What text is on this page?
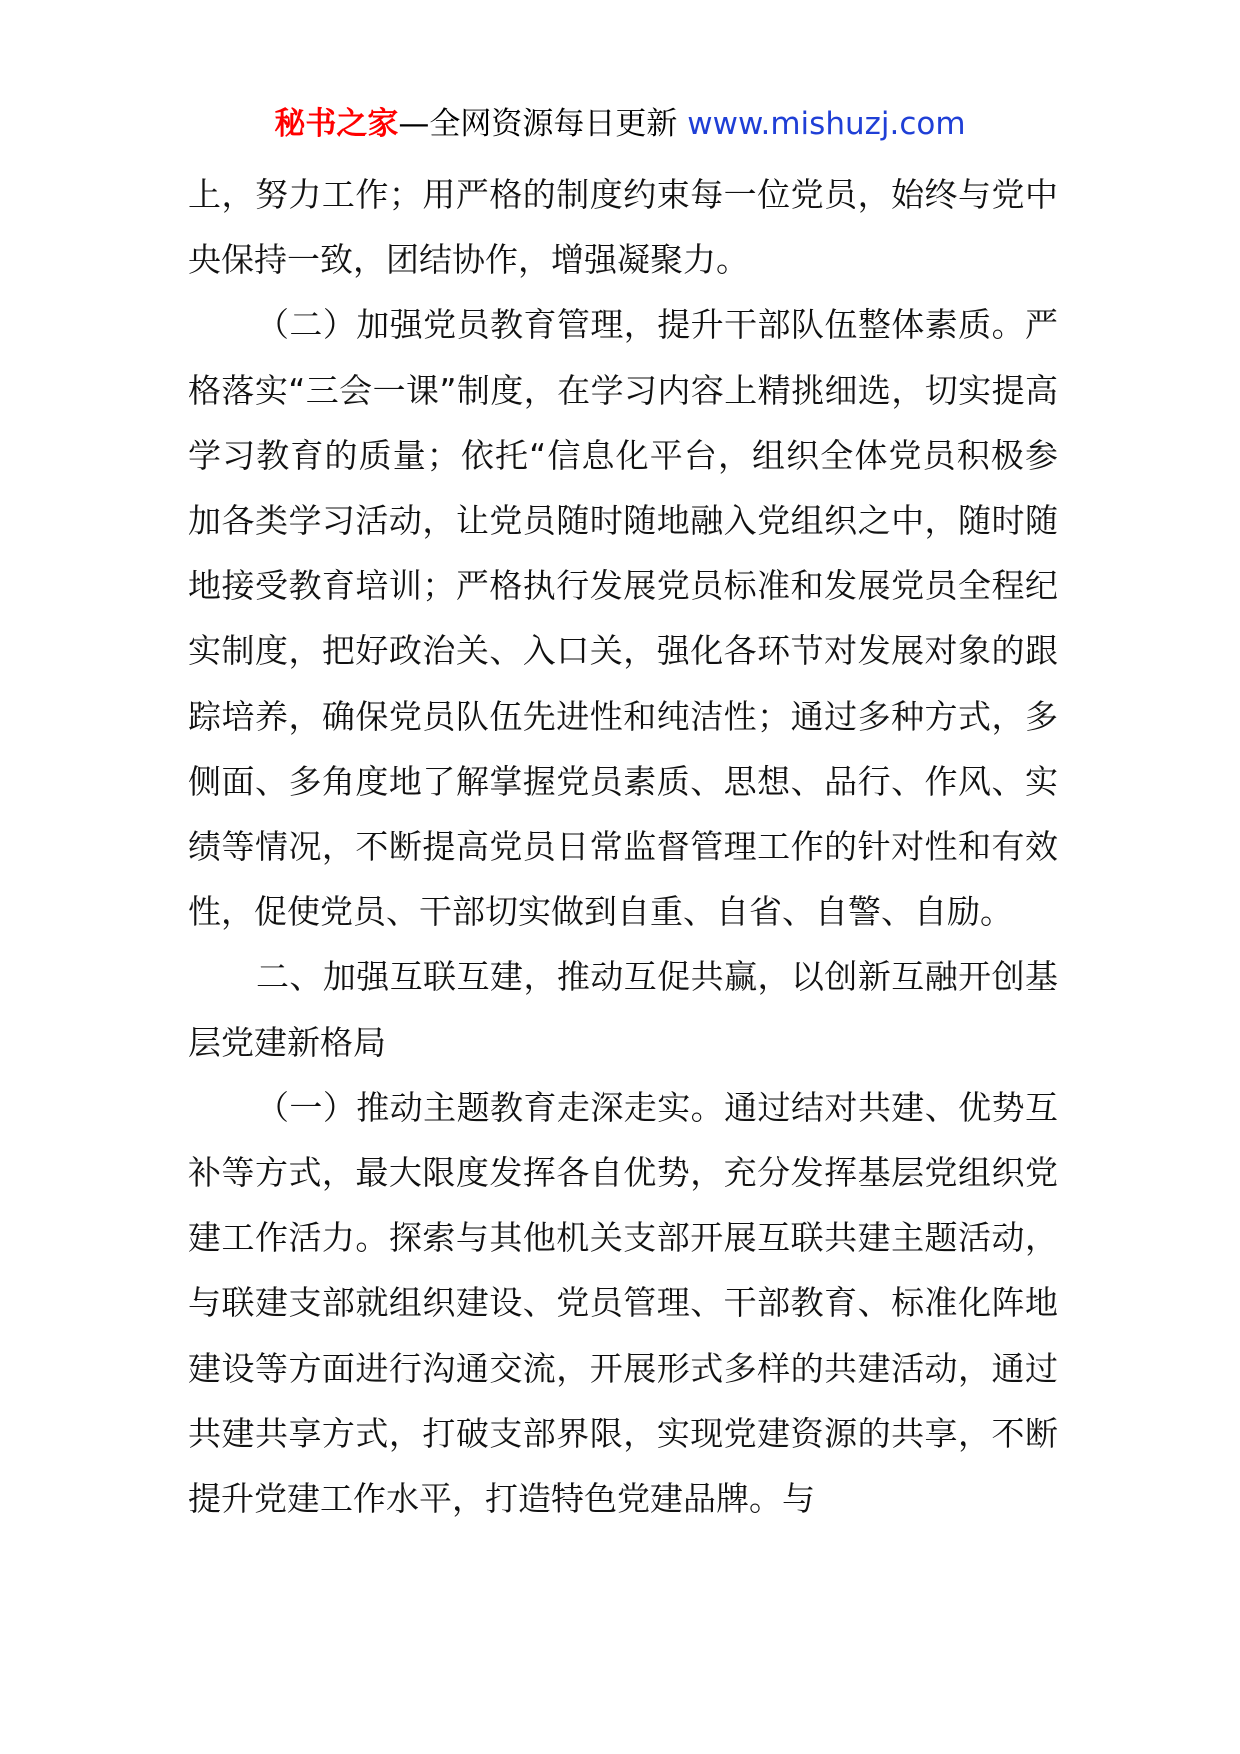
秘书之家—全网资源每日更新 www.mishuzj.com

上，努力工作；用严格的制度约束每一位党员，始终与党中央保持一致，团结协作，增强凝聚力。

（二）加强党员教育管理，提升干部队伍整体素质。严格落实“三会一课”制度，在学习内容上精挑细选，切实提高学习教育的质量；依托“信息化平台，组织全体党员积极参加各类学习活动，让党员随时随地融入党组织之中，随时随地接受教育培训；严格执行发展党员标准和发展党员全程纪实制度，把好政治关、入口关，强化各环节对发展对象的跟踪培养，确保党员队伍先进性和纯洁性；通过多种方式，多侧面、多角度地了解掌握党员素质、思想、品行、作风、实绩等情况，不断提高党员日常监督管理工作的针对性和有效性，促使党员、干部切实做到自重、自省、自警、自励。

二、加强互联互建，推动互促共赢，以创新互融开创基层党建新格局

（一）推动主题教育走深走实。通过结对共建、优势互补等方式，最大限度发挥各自优势，充分发挥基层党组织党建工作活力。探索与其他机关支部开展互联共建主题活动，与联建支部就组织建设、党员管理、干部教育、标准化阵地建设等方面进行沟通交流，开展形式多样的共建活动，通过共建共享方式，打破支部界限，实现党建资源的共享，不断提升党建工作水平，打造特色党建品牌。与
